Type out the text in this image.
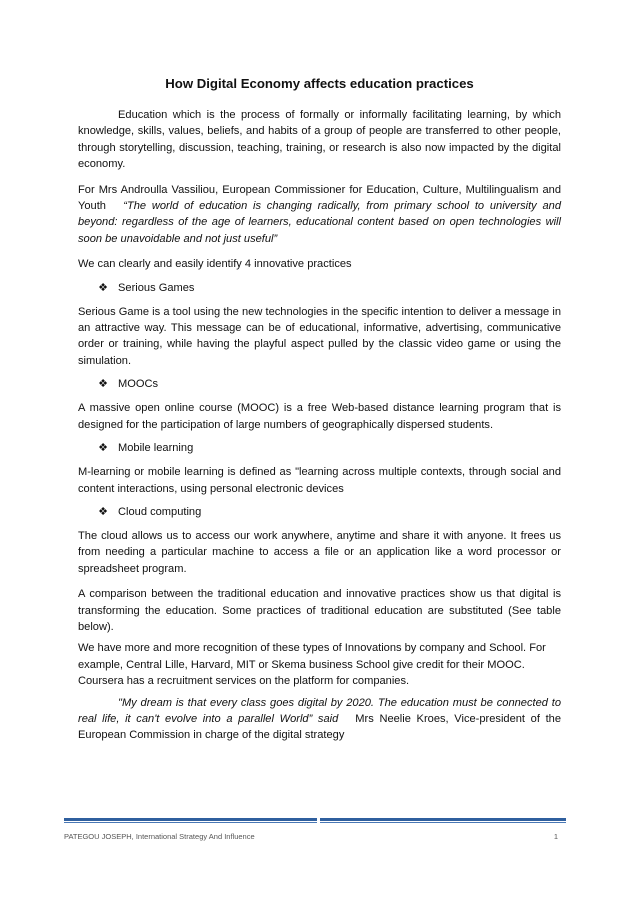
How Digital Economy affects education practices

Education which is the process of formally or informally facilitating learning, by which knowledge, skills, values, beliefs, and habits of a group of people are transferred to other people, through storytelling, discussion, teaching, training, or research is also now impacted by the digital economy.

For Mrs Androulla Vassiliou, European Commissioner for Education, Culture, Multilingualism and Youth “The world of education is changing radically, from primary school to university and beyond: regardless of the age of learners, educational content based on open technologies will soon be unavoidable and not just useful”

We can clearly and easily identify 4 innovative practices

❖ Serious Games

Serious Game is a tool using the new technologies in the specific intention to deliver a message in an attractive way. This message can be of educational, informative, advertising, communicative order or training, while having the playful aspect pulled by the classic video game or using the simulation.

❖ MOOCs

A massive open online course (MOOC) is a free Web-based distance learning program that is designed for the participation of large numbers of geographically dispersed students.

❖ Mobile learning

M-learning or mobile learning is defined as "learning across multiple contexts, through social and content interactions, using personal electronic devices

❖ Cloud computing

The cloud allows us to access our work anywhere, anytime and share it with anyone. It frees us from needing a particular machine to access a file or an application like a word processor or spreadsheet program.

A comparison between the traditional education and innovative practices show us that digital is transforming the education. Some practices of traditional education are substituted (See table below).

We have more and more recognition of these types of Innovations by company and School. For example, Central Lille, Harvard, MIT or Skema business School give credit for their MOOC. Coursera has a recruitment services on the platform for companies.

"My dream is that every class goes digital by 2020. The education must be connected to real life, it can't evolve into a parallel World” said Mrs Neelie Kroes, Vice-president of the European Commission in charge of the digital strategy

PATEGOU JOSEPH, International Strategy And Influence	1
